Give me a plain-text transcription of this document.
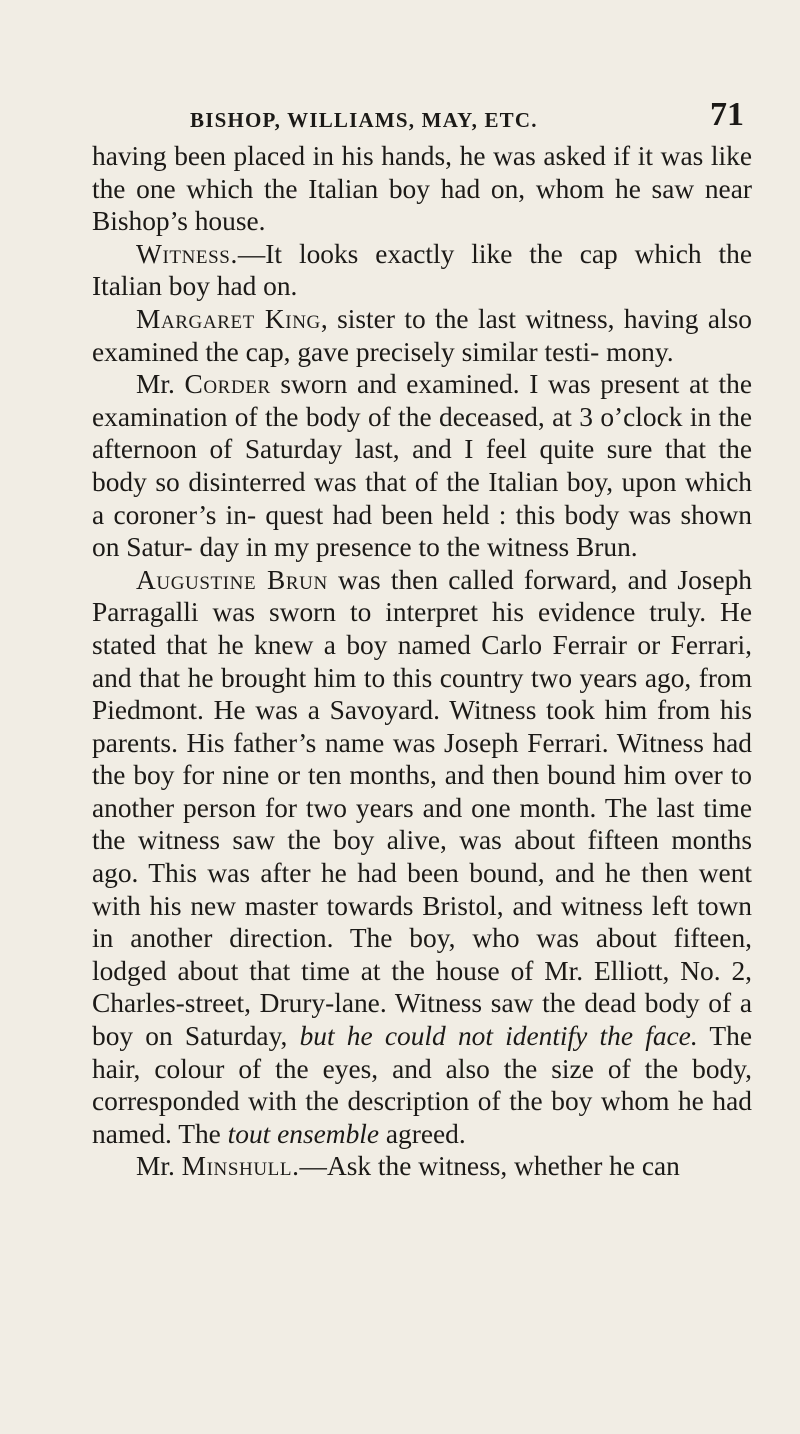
BISHOP, WILLIAMS, MAY, ETC.	71

having been placed in his hands, he was asked if it was like the one which the Italian boy had on, whom he saw near Bishop’s house.

Witness.—It looks exactly like the cap which the Italian boy had on.

Margaret King, sister to the last witness, having also examined the cap, gave precisely similar testi- mony.

Mr. Corder sworn and examined. I was present at the examination of the body of the deceased, at 3 o’clock in the afternoon of Saturday last, and I feel quite sure that the body so disinterred was that of the Italian boy, upon which a coroner’s in- quest had been held : this body was shown on Satur- day in my presence to the witness Brun.

Augustine Brun was then called forward, and Joseph Parragalli was sworn to interpret his evidence truly. He stated that he knew a boy named Carlo Ferrair or Ferrari, and that he brought him to this country two years ago, from Piedmont. He was a Savoyard. Witness took him from his parents. His father’s name was Joseph Ferrari. Witness had the boy for nine or ten months, and then bound him over to another person for two years and one month. The last time the witness saw the boy alive, was about fifteen months ago. This was after he had been bound, and he then went with his new master towards Bristol, and witness left town in another direction. The boy, who was about fifteen, lodged about that time at the house of Mr. Elliott, No. 2, Charles-street, Drury-lane. Witness saw the dead body of a boy on Saturday, but he could not identify the face. The hair, colour of the eyes, and also the size of the body, corresponded with the description of the boy whom he had named. The tout ensemble agreed.

Mr. Minshull.—Ask the witness, whether he can
